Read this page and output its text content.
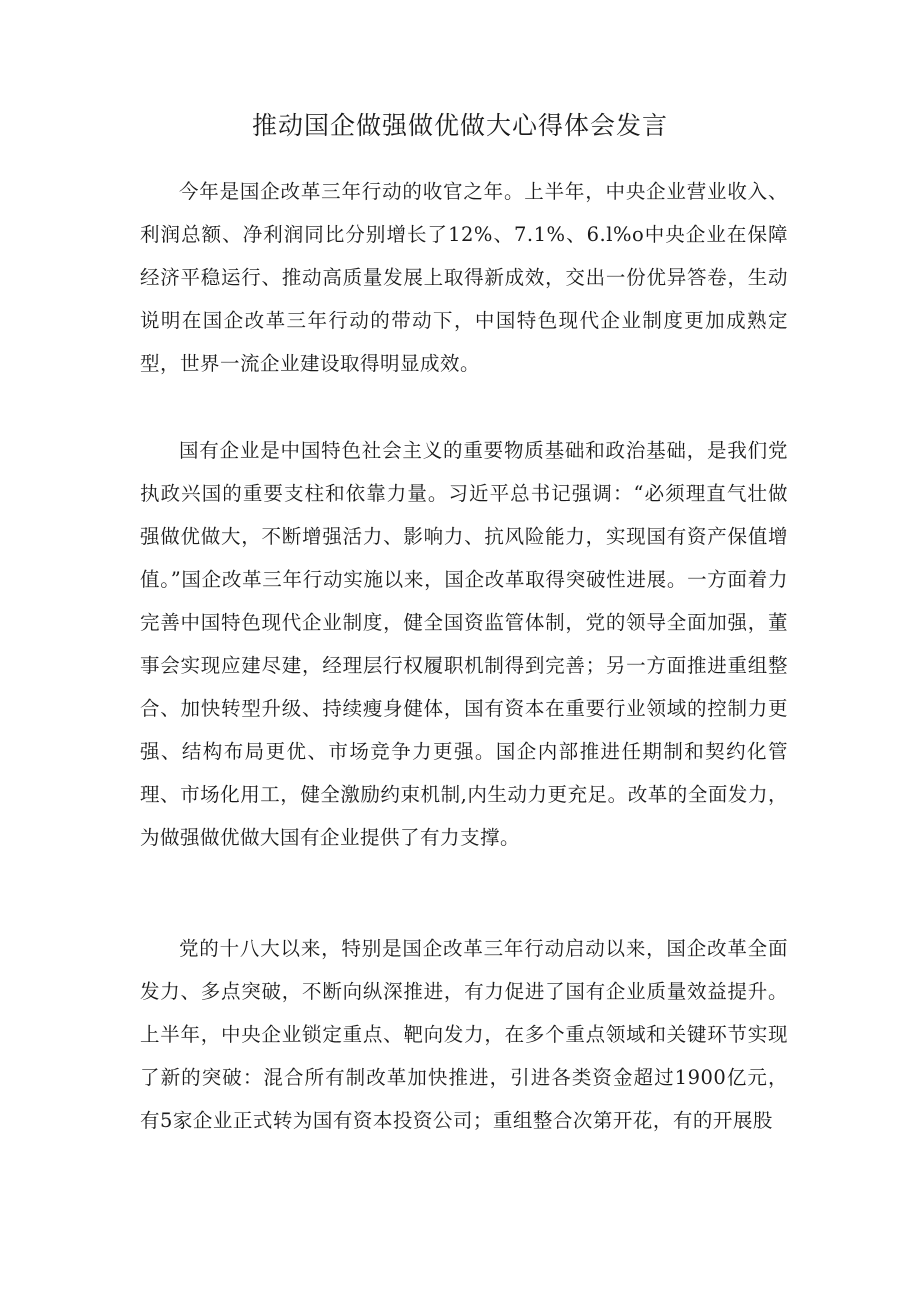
推动国企做强做优做大心得体会发言

今年是国企改革三年行动的收官之年。上半年，中央企业营业收入、利润总额、净利润同比分别增长了12%、7.1%、6.l%o中央企业在保障经济平稳运行、推动高质量发展上取得新成效，交出一份优异答卷，生动说明在国企改革三年行动的带动下，中国特色现代企业制度更加成熟定型，世界一流企业建设取得明显成效。

国有企业是中国特色社会主义的重要物质基础和政治基础，是我们党执政兴国的重要支柱和依靠力量。习近平总书记强调：“必须理直气壮做强做优做大，不断增强活力、影响力、抗风险能力，实现国有资产保值增值。”国企改革三年行动实施以来，国企改革取得突破性进展。一方面着力完善中国特色现代企业制度，健全国资监管体制，党的领导全面加强，董事会实现应建尽建，经理层行权履职机制得到完善；另一方面推进重组整合、加快转型升级、持续瘦身健体，国有资本在重要行业领域的控制力更强、结构布局更优、市场竞争力更强。国企内部推进任期制和契约化管理、市场化用工，健全激励约束机制,内生动力更充足。改革的全面发力，为做强做优做大国有企业提供了有力支撑。

党的十八大以来，特别是国企改革三年行动启动以来，国企改革全面发力、多点突破，不断向纵深推进，有力促进了国有企业质量效益提升。上半年，中央企业锁定重点、靶向发力，在多个重点领域和关键环节实现了新的突破：混合所有制改革加快推进，引进各类资金超过1900亿元，有5家企业正式转为国有资本投资公司；重组整合次第开花，有的开展股
